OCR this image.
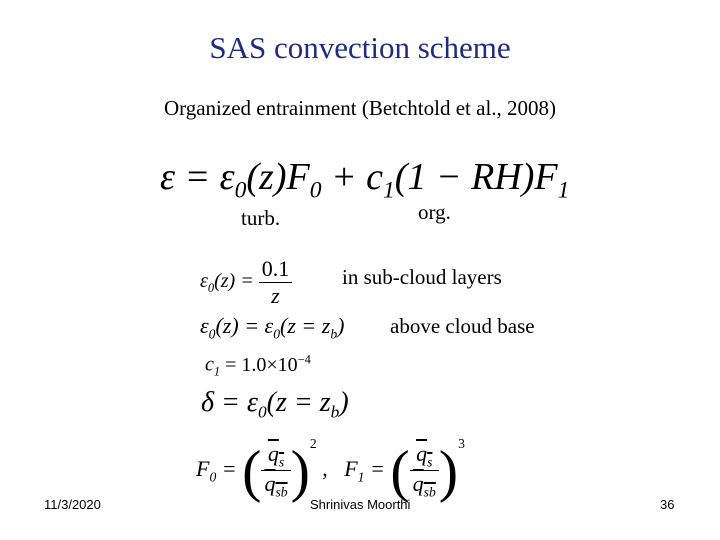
SAS convection scheme
Organized entrainment (Betchtold et al., 2008)
$\varepsilon = \varepsilon_0(z)F_0 + c_1(1 - RH)F_1$
turb.	org.
$\varepsilon_0(z) = \frac{0.1}{z}$ in sub-cloud layers
$\varepsilon_0(z) = \varepsilon_0(z = z_b)$ above cloud base
$c_1 = 1.0\times 10^{-4}$
$\delta = \varepsilon_0(z = z_b)$
$F_0$ = ( $\frac{q_s}{q_{sb}} )^2$ ,   $F_1$ = ( $\frac{q_s}{q_{sb}} )^3$
11/3/2020	Shrinivas Moorthi	36
